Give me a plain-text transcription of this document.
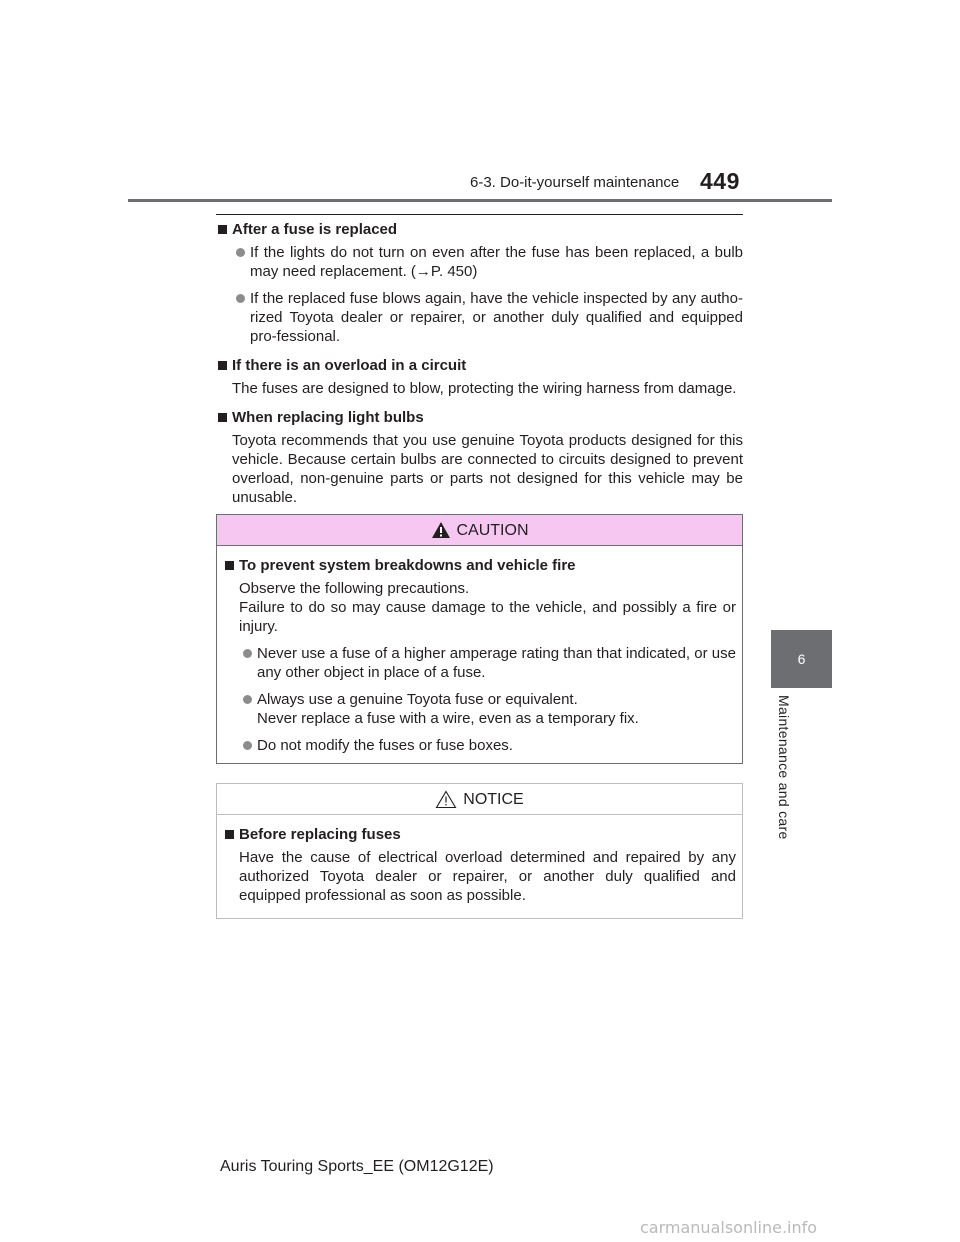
6-3. Do-it-yourself maintenance 449
6
Maintenance and care
After a fuse is replaced
If the lights do not turn on even after the fuse has been replaced, a bulb may need replacement. (→P. 450)
If the replaced fuse blows again, have the vehicle inspected by any autho-rized Toyota dealer or repairer, or another duly qualified and equipped pro-fessional.
If there is an overload in a circuit
The fuses are designed to blow, protecting the wiring harness from damage.
When replacing light bulbs
Toyota recommends that you use genuine Toyota products designed for this vehicle. Because certain bulbs are connected to circuits designed to prevent overload, non-genuine parts or parts not designed for this vehicle may be unusable.
CAUTION
To prevent system breakdowns and vehicle fire
Observe the following precautions.
Failure to do so may cause damage to the vehicle, and possibly a fire or injury.
Never use a fuse of a higher amperage rating than that indicated, or use any other object in place of a fuse.
Always use a genuine Toyota fuse or equivalent.
Never replace a fuse with a wire, even as a temporary fix.
Do not modify the fuses or fuse boxes.
NOTICE
Before replacing fuses
Have the cause of electrical overload determined and repaired by any authorized Toyota dealer or repairer, or another duly qualified and equipped professional as soon as possible.
Auris Touring Sports_EE (OM12G12E)
carmanualsonline.info
